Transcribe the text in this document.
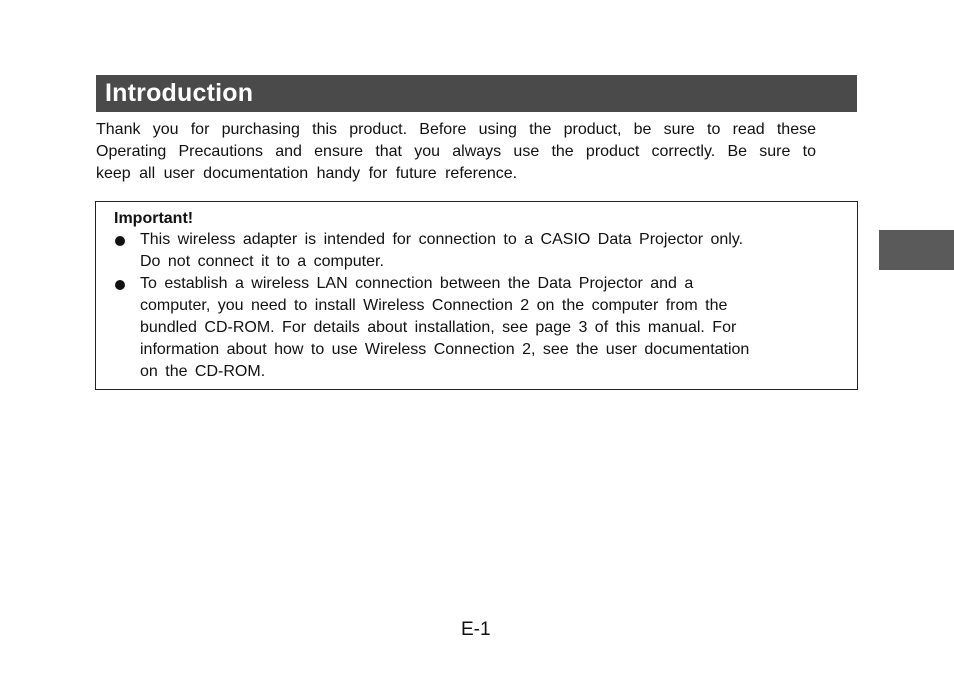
Introduction

Thank you for purchasing this product. Before using the product, be sure to read these
Operating Precautions and ensure that you always use the product correctly. Be sure to
keep all user documentation handy for future reference.

Important!

This wireless adapter is intended for connection to a CASIO Data Projector only.
Do not connect it to a computer.
To establish a wireless LAN connection between the Data Projector and a
computer, you need to install Wireless Connection 2 on the computer from the
bundled CD-ROM. For details about installation, see page 3 of this manual. For
information about how to use Wireless Connection 2, see the user documentation
on the CD-ROM.
E-1
